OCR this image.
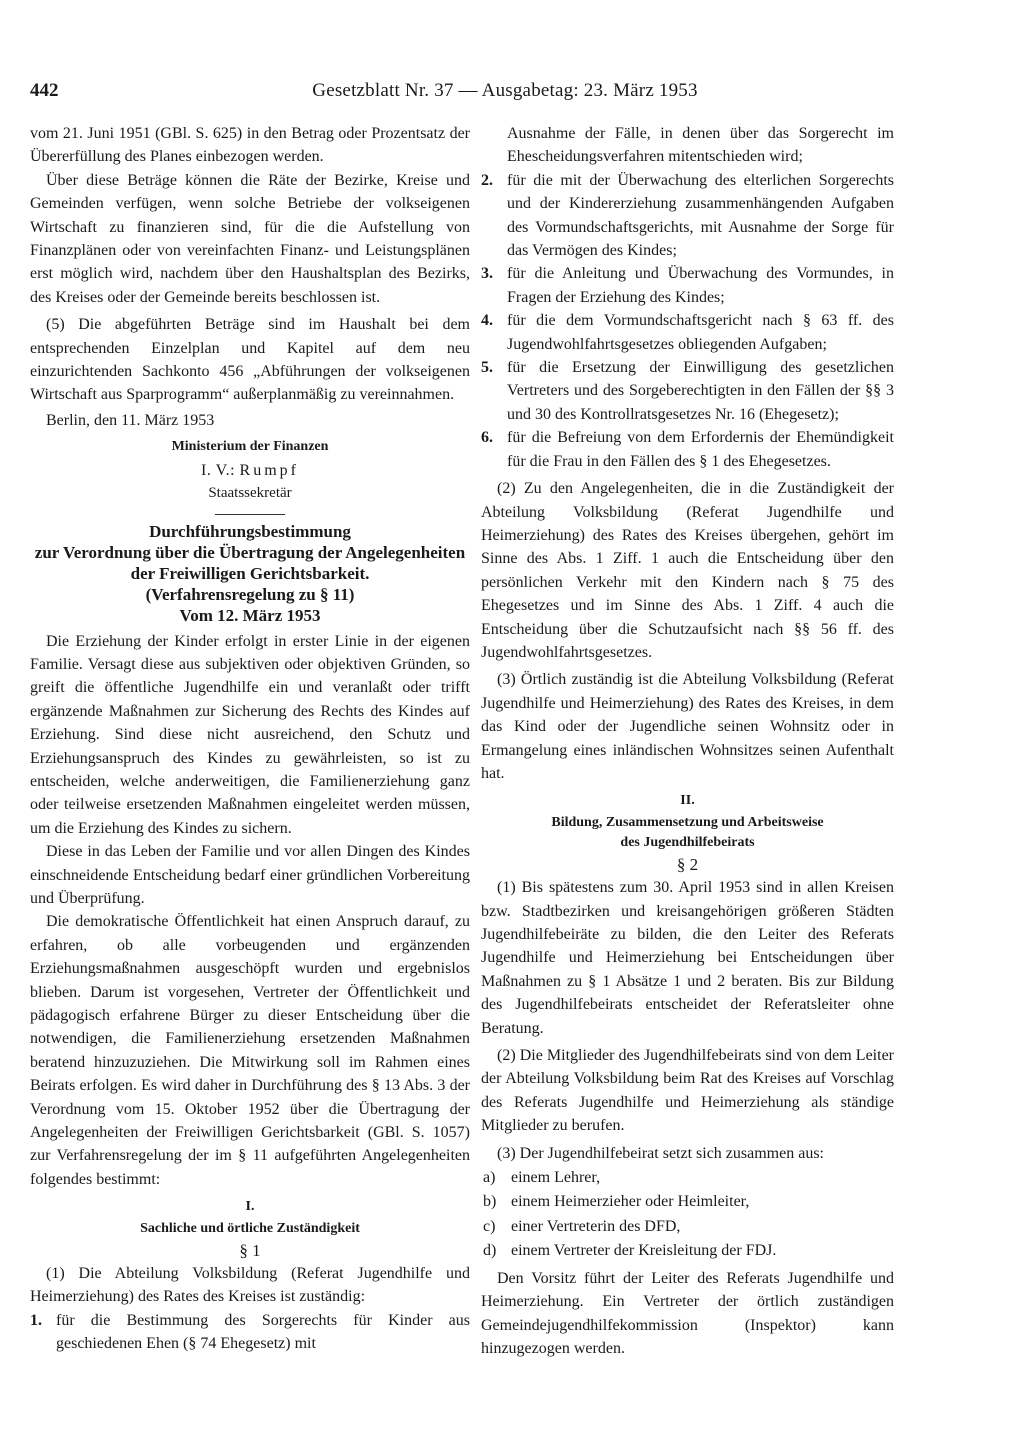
442	Gesetzblatt Nr. 37 — Ausgabetag: 23. März 1953

vom 21. Juni 1951 (GBl. S. 625) in den Betrag oder Prozentsatz der Übererfüllung des Planes einbezogen werden.

Über diese Beträge können die Räte der Bezirke, Kreise und Gemeinden verfügen, wenn solche Betriebe der volkseigenen Wirtschaft zu finanzieren sind, für die die Aufstellung von Finanzplänen oder von vereinfachten Finanz- und Leistungsplänen erst möglich wird, nachdem über den Haushaltsplan des Bezirks, des Kreises oder der Gemeinde bereits beschlossen ist.

(5) Die abgeführten Beträge sind im Haushalt bei dem entsprechenden Einzelplan und Kapitel auf dem neu einzurichtenden Sachkonto 456 „Abführungen der volkseigenen Wirtschaft aus Sparprogramm“ außerplanmäßig zu vereinnahmen.

Berlin, den 11. März 1953

Ministerium der Finanzen

I. V.: Rumpf

Staatssekretär

Durchführungsbestimmung

zur Verordnung über die Übertragung der Angelegenheiten der Freiwilligen Gerichtsbarkeit.

(Verfahrensregelung zu § 11)

Vom 12. März 1953

Die Erziehung der Kinder erfolgt in erster Linie in der eigenen Familie. Versagt diese aus subjektiven oder objektiven Gründen, so greift die öffentliche Jugendhilfe ein und veranlaßt oder trifft ergänzende Maßnahmen zur Sicherung des Rechts des Kindes auf Erziehung. Sind diese nicht ausreichend, den Schutz und Erziehungsanspruch des Kindes zu gewährleisten, so ist zu entscheiden, welche anderweitigen, die Familienerziehung ganz oder teilweise ersetzenden Maßnahmen eingeleitet werden müssen, um die Erziehung des Kindes zu sichern.

Diese in das Leben der Familie und vor allen Dingen des Kindes einschneidende Entscheidung bedarf einer gründlichen Vorbereitung und Überprüfung.

Die demokratische Öffentlichkeit hat einen Anspruch darauf, zu erfahren, ob alle vorbeugenden und ergänzenden Erziehungsmaßnahmen ausgeschöpft wurden und ergebnislos blieben. Darum ist vorgesehen, Vertreter der Öffentlichkeit und pädagogisch erfahrene Bürger zu dieser Entscheidung über die notwendigen, die Familienerziehung ersetzenden Maßnahmen beratend hinzuzuziehen. Die Mitwirkung soll im Rahmen eines Beirats erfolgen. Es wird daher in Durchführung des § 13 Abs. 3 der Verordnung vom 15. Oktober 1952 über die Übertragung der Angelegenheiten der Freiwilligen Gerichtsbarkeit (GBl. S. 1057) zur Verfahrensregelung der im § 11 aufgeführten Angelegenheiten folgendes bestimmt:

I.

Sachliche und örtliche Zuständigkeit

§ 1

(1) Die Abteilung Volksbildung (Referat Jugendhilfe und Heimerziehung) des Rates des Kreises ist zuständig:

1. für die Bestimmung des Sorgerechts für Kinder aus geschiedenen Ehen (§ 74 Ehegesetz) mit
Ausnahme der Fälle, in denen über das Sorgerecht im Ehescheidungsverfahren mitentschieden wird;
2. für die mit der Überwachung des elterlichen Sorgerechts und der Kindererziehung zusammenhängenden Aufgaben des Vormundschaftsgerichts, mit Ausnahme der Sorge für das Vermögen des Kindes;
3. für die Anleitung und Überwachung des Vormundes, in Fragen der Erziehung des Kindes;
4. für die dem Vormundschaftsgericht nach § 63 ff. des Jugendwohlfahrtsgesetzes obliegenden Aufgaben;
5. für die Ersetzung der Einwilligung des gesetzlichen Vertreters und des Sorgeberechtigten in den Fällen der §§ 3 und 30 des Kontrollratsgesetzes Nr. 16 (Ehegesetz);
6. für die Befreiung von dem Erfordernis der Ehemündigkeit für die Frau in den Fällen des § 1 des Ehegesetzes.

(2) Zu den Angelegenheiten, die in die Zuständigkeit der Abteilung Volksbildung (Referat Jugendhilfe und Heimerziehung) des Rates des Kreises übergehen, gehört im Sinne des Abs. 1 Ziff. 1 auch die Entscheidung über den persönlichen Verkehr mit den Kindern nach § 75 des Ehegesetzes und im Sinne des Abs. 1 Ziff. 4 auch die Entscheidung über die Schutzaufsicht nach §§ 56 ff. des Jugendwohlfahrtsgesetzes.

(3) Örtlich zuständig ist die Abteilung Volksbildung (Referat Jugendhilfe und Heimerziehung) des Rates des Kreises, in dem das Kind oder der Jugendliche seinen Wohnsitz oder in Ermangelung eines inländischen Wohnsitzes seinen Aufenthalt hat.

II.

Bildung, Zusammensetzung und Arbeitsweise

des Jugendhilfebeirats

§ 2

(1) Bis spätestens zum 30. April 1953 sind in allen Kreisen bzw. Stadtbezirken und kreisangehörigen größeren Städten Jugendhilfebeiräte zu bilden, die den Leiter des Referats Jugendhilfe und Heimerziehung bei Entscheidungen über Maßnahmen zu § 1 Absätze 1 und 2 beraten. Bis zur Bildung des Jugendhilfebeirats entscheidet der Referatsleiter ohne Beratung.

(2) Die Mitglieder des Jugendhilfebeirats sind von dem Leiter der Abteilung Volksbildung beim Rat des Kreises auf Vorschlag des Referats Jugendhilfe und Heimerziehung als ständige Mitglieder zu berufen.

(3) Der Jugendhilfebeirat setzt sich zusammen aus:

a) einem Lehrer,
b) einem Heimerzieher oder Heimleiter,
c) einer Vertreterin des DFD,
d) einem Vertreter der Kreisleitung der FDJ.

Den Vorsitz führt der Leiter des Referats Jugendhilfe und Heimerziehung. Ein Vertreter der örtlich zuständigen Gemeindejugendhilfekommission (Inspektor) kann hinzugezogen werden.
